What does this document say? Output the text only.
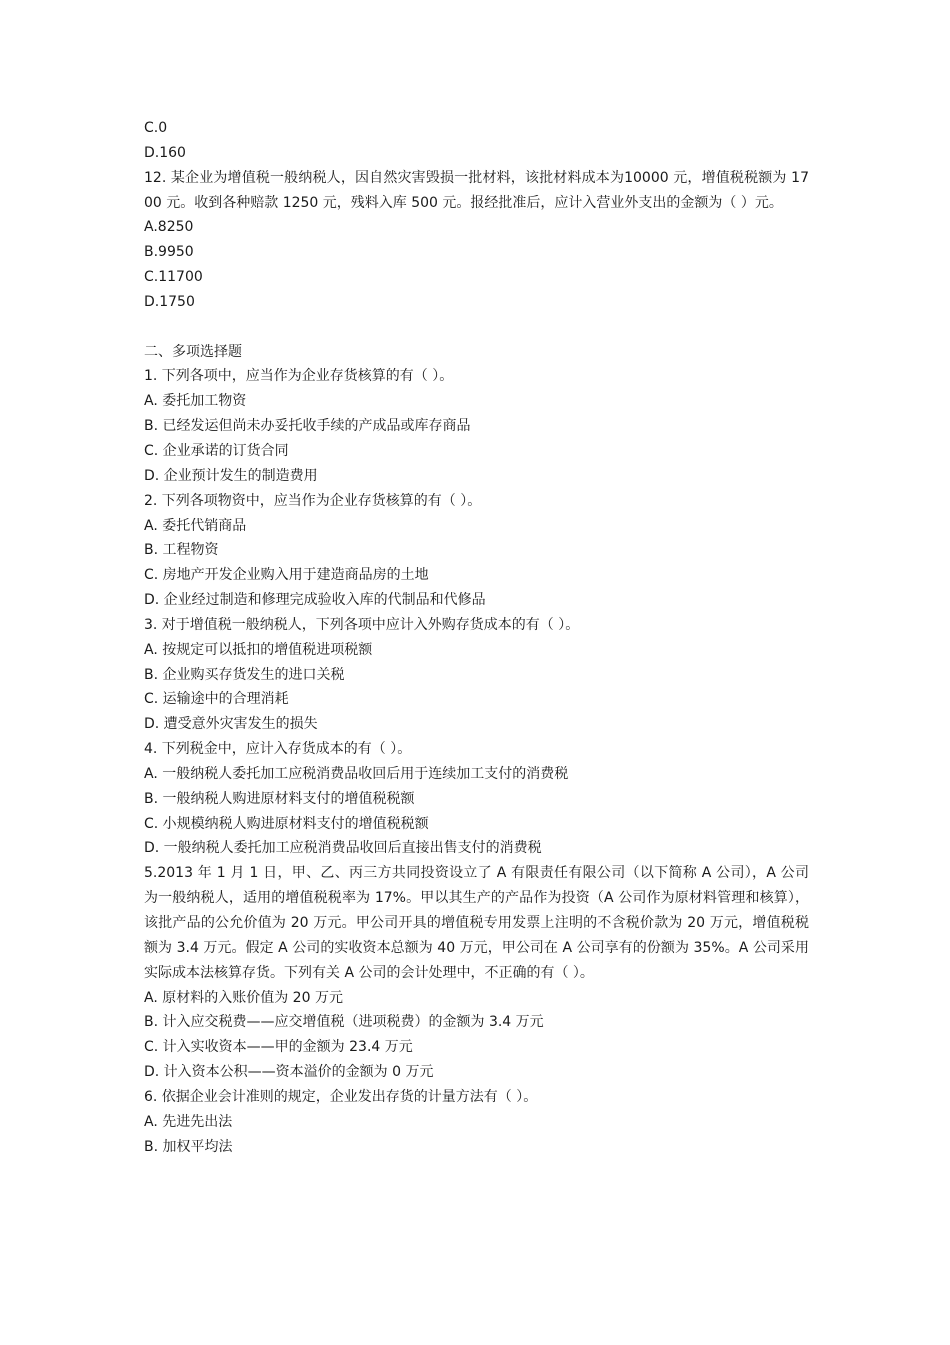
C.0
D.160
12. 某企业为增值税一般纳税人，因自然灾害毁损一批材料，该批材料成本为10000 元，增值税税额为 1700 元。收到各种赔款 1250 元，残料入库 500 元。报经批准后，应计入营业外支出的金额为（ ）元。
A.8250
B.9950
C.11700
D.1750
二、多项选择题
1. 下列各项中，应当作为企业存货核算的有（ ）。
A. 委托加工物资
B. 已经发运但尚未办妥托收手续的产成品或库存商品
C. 企业承诺的订货合同
D. 企业预计发生的制造费用
2. 下列各项物资中，应当作为企业存货核算的有（ ）。
A. 委托代销商品
B. 工程物资
C. 房地产开发企业购入用于建造商品房的土地
D. 企业经过制造和修理完成验收入库的代制品和代修品
3. 对于增值税一般纳税人，下列各项中应计入外购存货成本的有（ ）。
A. 按规定可以抵扣的增值税进项税额
B. 企业购买存货发生的进口关税
C. 运输途中的合理消耗
D. 遭受意外灾害发生的损失
4. 下列税金中，应计入存货成本的有（ ）。
A. 一般纳税人委托加工应税消费品收回后用于连续加工支付的消费税
B. 一般纳税人购进原材料支付的增值税税额
C. 小规模纳税人购进原材料支付的增值税税额
D. 一般纳税人委托加工应税消费品收回后直接出售支付的消费税
5.2013 年 1 月 1 日，甲、乙、丙三方共同投资设立了 A 有限责任有限公司（以下简称 A 公司），A 公司为一般纳税人，适用的增值税税率为 17%。甲以其生产的产品作为投资（A 公司作为原材料管理和核算），该批产品的公允价值为 20 万元。甲公司开具的增值税专用发票上注明的不含税价款为 20 万元，增值税税额为 3.4 万元。假定 A 公司的实收资本总额为 40 万元，甲公司在 A 公司享有的份额为 35%。A 公司采用实际成本法核算存货。下列有关 A 公司的会计处理中，不正确的有（ ）。
A. 原材料的入账价值为 20 万元
B. 计入应交税费——应交增值税（进项税费）的金额为 3.4 万元
C. 计入实收资本——甲的金额为 23.4 万元
D. 计入资本公积——资本溢价的金额为 0 万元
6. 依据企业会计准则的规定，企业发出存货的计量方法有（ ）。
A. 先进先出法
B. 加权平均法
